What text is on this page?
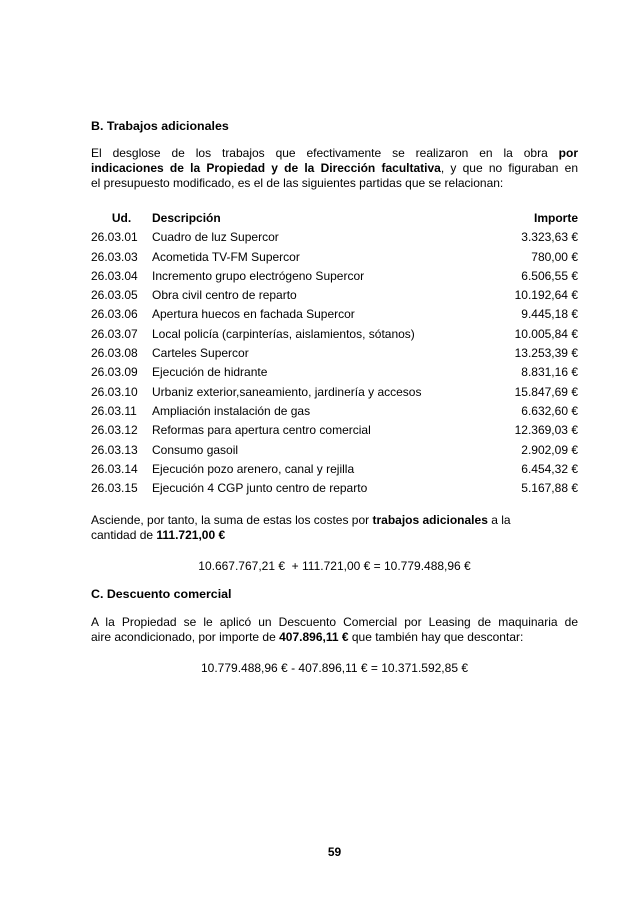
B. Trabajos adicionales
El desglose de los trabajos que efectivamente se realizaron en la obra por
indicaciones de la Propiedad y de la Dirección facultativa, y que no figuraban en
el presupuesto modificado, es el de las siguientes partidas que se relacionan:
Ud.	Descripción	Importe
26.03.01	Cuadro de luz Supercor	3.323,63 €
26.03.03	Acometida TV-FM Supercor	780,00 €
26.03.04	Incremento grupo electrógeno Supercor	6.506,55 €
26.03.05	Obra civil centro de reparto	10.192,64 €
26.03.06	Apertura huecos en fachada Supercor	9.445,18 €
26.03.07	Local policía (carpinterías, aislamientos, sótanos)	10.005,84 €
26.03.08	Carteles Supercor	13.253,39 €
26.03.09	Ejecución de hidrante	8.831,16 €
26.03.10	Urbaniz exterior,saneamiento, jardinería y accesos	15.847,69 €
26.03.11	Ampliación instalación de gas	6.632,60 €
26.03.12	Reformas para apertura centro comercial	12.369,03 €
26.03.13	Consumo gasoil	2.902,09 €
26.03.14	Ejecución pozo arenero, canal y rejilla	6.454,32 €
26.03.15	Ejecución 4 CGP junto centro de reparto	5.167,88 €
Asciende, por tanto, la suma de estas los costes por trabajos adicionales a la
cantidad de 111.721,00 €
10.667.767,21 €  + 111.721,00 € = 10.779.488,96 €
C. Descuento comercial
A la Propiedad se le aplicó un Descuento Comercial por Leasing de maquinaria de
aire acondicionado, por importe de 407.896,11 € que también hay que descontar:
10.779.488,96 € - 407.896,11 € = 10.371.592,85 €
59
